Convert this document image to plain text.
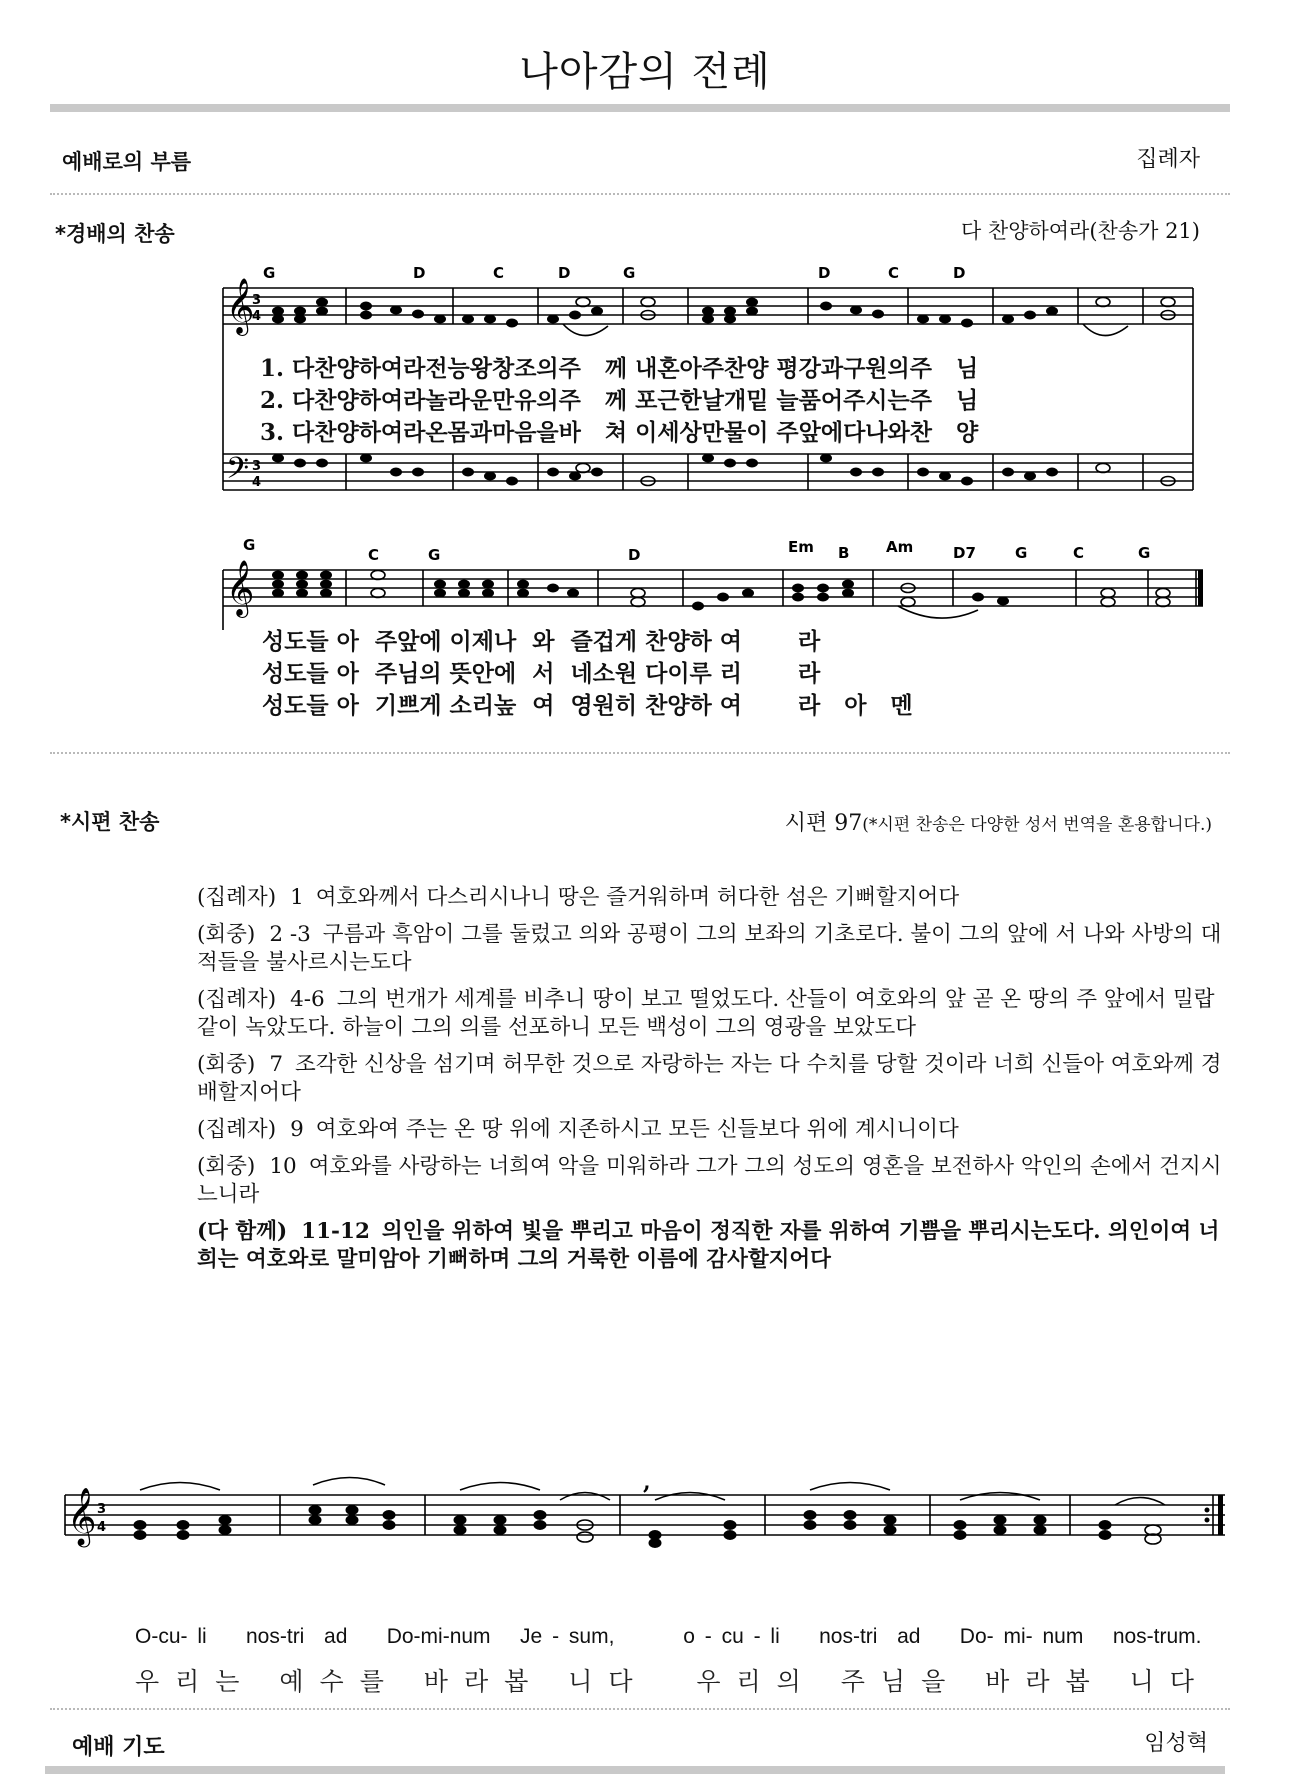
나아감의 전례
예배로의 부름	집례자
*경배의 찬송	다 찬양하여라(찬송가 21)
𝄞
𝄢
3
4
3
4
G	D	C	D	G	D	C	D
1. 다찬양하여라전능왕창조의주   께 내혼아주찬양 평강과구원의주   님
2. 다찬양하여라놀라운만유의주   께 포근한날개밑 늘품어주시는주   님
3. 다찬양하여라온몸과마음을바   쳐 이세상만물이 주앞에다나와찬   양
𝄞
G
C	G	D	Em B Am	D7	G	C	G
성도들 아  주앞에 이제나  와  즐겁게 찬양하 여       라
성도들 아  주님의 뜻안에  서  네소원 다이루 리       라
성도들 아  기쁘게 소리높  여  영원히 찬양하 여       라   아   멘
*시편 찬송	시편 97(*시편 찬송은 다양한 성서 번역을 혼용합니다.)

(집례자) 1 여호와께서 다스리시나니 땅은 즐거워하며 허다한 섬은 기뻐할지어다

(회중) 2 -3 구름과 흑암이 그를 둘렀고 의와 공평이 그의 보좌의 기초로다. 불이 그의 앞에 서 나와 사방의 대적들을 불사르시는도다

(집례자) 4-6 그의 번개가 세계를 비추니 땅이 보고 떨었도다. 산들이 여호와의 앞 곧 온 땅의 주 앞에서 밀랍 같이 녹았도다. 하늘이 그의 의를 선포하니 모든 백성이 그의 영광을 보았도다

(회중) 7 조각한 신상을 섬기며 허무한 것으로 자랑하는 자는 다 수치를 당할 것이라 너희 신들아 여호와께 경배할지어다

(집례자) 9 여호와여 주는 온 땅 위에 지존하시고 모든 신들보다 위에 계시니이다

(회중) 10 여호와를 사랑하는 너희여 악을 미워하라 그가 그의 성도의 영혼을 보전하사 악인의 손에서 건지시느니라

(다 함께) 11-12 의인을 위하여 빛을 뿌리고 마음이 정직한 자를 위하여 기쁨을 뿌리시는도다. 의인이여 너희는 여호와로 말미암아 기뻐하며 그의 거룩한 이름에 감사할지어다

𝄞 3
4
,
O-cu- li    nos-tri  ad    Do-mi-num   Je - sum,       o - cu - li    nos-tri  ad    Do- mi- num   nos-trum.
우리는 예수를 바라봅 니다  우리의 주님을 바라봅 니다
예배 기도	임성혁
